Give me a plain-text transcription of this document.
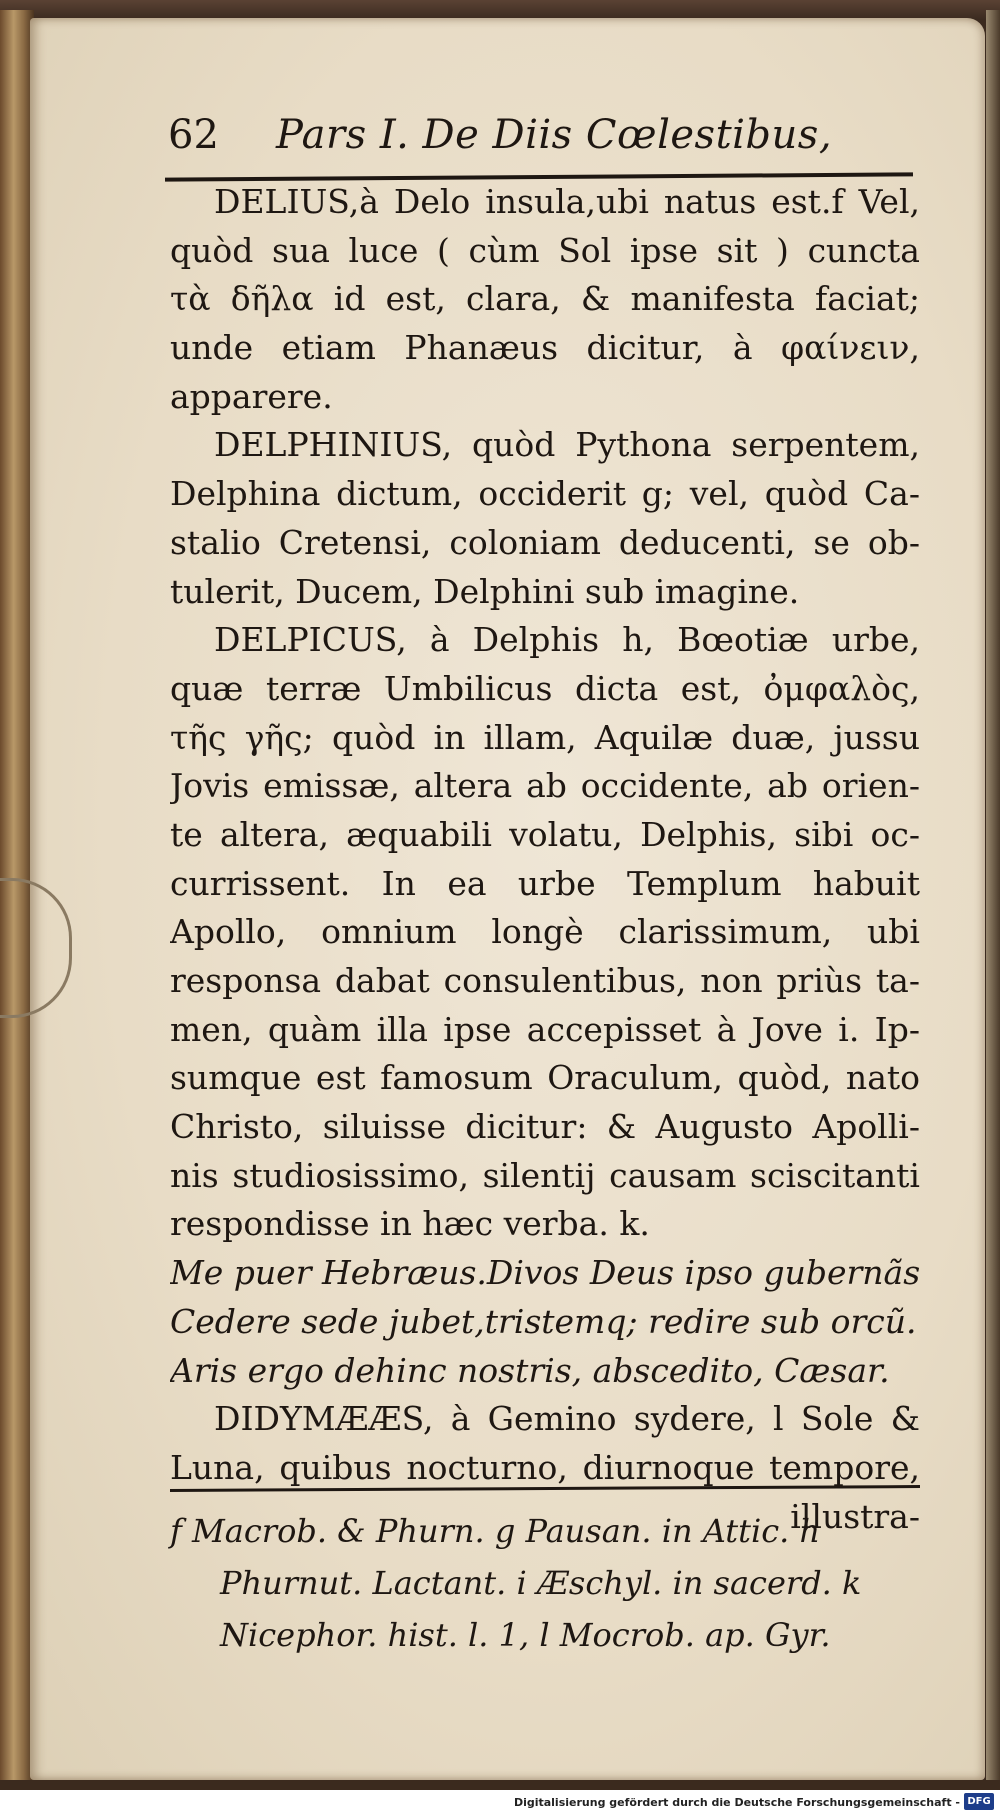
62 Pars I. De Diis Cœlestibus,
DELIUS,à Delo insula,ubi natus est.f Vel,
quòd sua luce ( cùm Sol ipse sit ) cuncta
τὰ δῆλα id est, clara, & manifesta faciat;
unde etiam Phanæus dicitur, à φαίνειν,
apparere.
DELPHINIUS, quòd Pythona serpentem,
Delphina dictum, occiderit g; vel, quòd Ca-
stalio Cretensi, coloniam deducenti, se ob-
tulerit, Ducem, Delphini sub imagine.
DELPICUS, à Delphis h, Bœotiæ urbe,
quæ terræ Umbilicus dicta est, ὀμφαλὸς,
τῆς γῆς; quòd in illam, Aquilæ duæ, jussu
Jovis emissæ, altera ab occidente, ab orien-
te altera, æquabili volatu, Delphis, sibi oc-
currissent. In ea urbe Templum habuit
Apollo, omnium longè clarissimum, ubi
responsa dabat consulentibus, non priùs ta-
men, quàm illa ipse accepisset à Jove i. Ip-
sumque est famosum Oraculum, quòd, nato
Christo, siluisse dicitur: & Augusto Apolli-
nis studiosissimo, silentij causam sciscitanti
respondisse in hæc verba. k.
Me puer Hebræus.Divos Deus ipso gubernãs
Cedere sede jubet,tristemq; redire sub orcũ.
Aris ergo dehinc nostris, abscedito, Cæsar.
DIDYMÆÆS, à Gemino sydere, l Sole &
Luna, quibus nocturno, diurnoque tempore,
illustra-
f Macrob. & Phurn. g Pausan. in Attic. h
Phurnut. Lactant. i Æschyl. in sacerd. k
Nicephor. hist. l. 1, l Mocrob. ap. Gyr.
Digitalisierung gefördert durch die Deutsche Forschungsgemeinschaft - DFG
